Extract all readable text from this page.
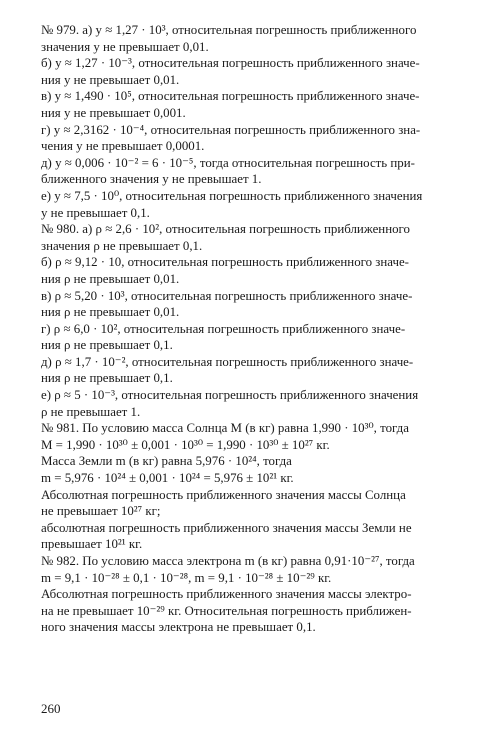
№ 979. а) y ≈ 1,27 · 10³, относительная погрешность приближенного
значения y не превышает 0,01.
б) y ≈ 1,27 · 10⁻³, относительная погрешность приближенного значе-
ния y не превышает 0,01.
в) y ≈ 1,490 · 10⁵, относительная погрешность приближенного значе-
ния y не превышает 0,001.
г) y ≈ 2,3162 · 10⁻⁴, относительная погрешность приближенного зна-
чения y не превышает 0,0001.
д) y ≈ 0,006 · 10⁻² = 6 · 10⁻⁵, тогда относительная погрешность при-
ближенного значения y не превышает 1.
е) y ≈ 7,5 · 10⁰, относительная погрешность приближенного значения
y не превышает 0,1.
№ 980. а) ρ ≈ 2,6 · 10², относительная погрешность приближенного
значения ρ не превышает 0,1.
б) ρ ≈ 9,12 · 10, относительная погрешность приближенного значе-
ния ρ не превышает 0,01.
в) ρ ≈ 5,20 · 10³, относительная погрешность приближенного значе-
ния ρ не превышает 0,01.
г) ρ ≈ 6,0 · 10², относительная погрешность приближенного значе-
ния ρ не превышает 0,1.
д) ρ ≈ 1,7 · 10⁻², относительная погрешность приближенного значе-
ния ρ не превышает 0,1.
е) ρ ≈ 5 · 10⁻³, относительная погрешность приближенного значения
ρ не превышает 1.
№ 981. По условию масса Солнца M (в кг) равна 1,990 · 10³⁰, тогда
M = 1,990 · 10³⁰ ± 0,001 · 10³⁰ = 1,990 · 10³⁰ ± 10²⁷ кг.
Масса Земли m (в кг) равна 5,976 · 10²⁴, тогда
m = 5,976 · 10²⁴ ± 0,001 · 10²⁴ = 5,976 ± 10²¹ кг.
Абсолютная погрешность приближенного значения массы Солнца
не превышает 10²⁷ кг;
абсолютная погрешность приближенного значения массы Земли не
превышает 10²¹ кг.
№ 982. По условию масса электрона m (в кг) равна 0,91·10⁻²⁷, тогда
m = 9,1 · 10⁻²⁸ ± 0,1 · 10⁻²⁸, m = 9,1 · 10⁻²⁸ ± 10⁻²⁹ кг.
Абсолютная погрешность приближенного значения массы электро-
на не превышает 10⁻²⁹ кг. Относительная погрешность приближен-
ного значения массы электрона не превышает 0,1.
260
